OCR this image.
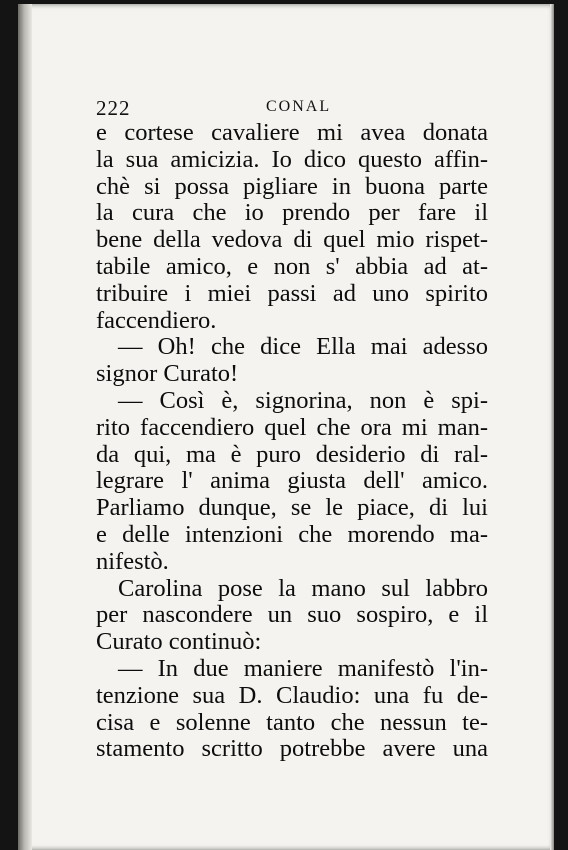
222	CONAL
e cortese cavaliere mi avea donata
la sua amicizia. Io dico questo affin-
chè si possa pigliare in buona parte
la cura che io prendo per fare il
bene della vedova di quel mio rispet-
tabile amico, e non s' abbia ad at-
tribuire i miei passi ad uno spirito
faccendiero.
— Oh! che dice Ella mai adesso
signor Curato!
— Così è, signorina, non è spi-
rito faccendiero quel che ora mi man-
da qui, ma è puro desiderio di ral-
legrare l' anima giusta dell' amico.
Parliamo dunque, se le piace, di lui
e delle intenzioni che morendo ma-
nifestò.
Carolina pose la mano sul labbro
per nascondere un suo sospiro, e il
Curato continuò:
— In due maniere manifestò l'in-
tenzione sua D. Claudio: una fu de-
cisa e solenne tanto che nessun te-
stamento scritto potrebbe avere una
